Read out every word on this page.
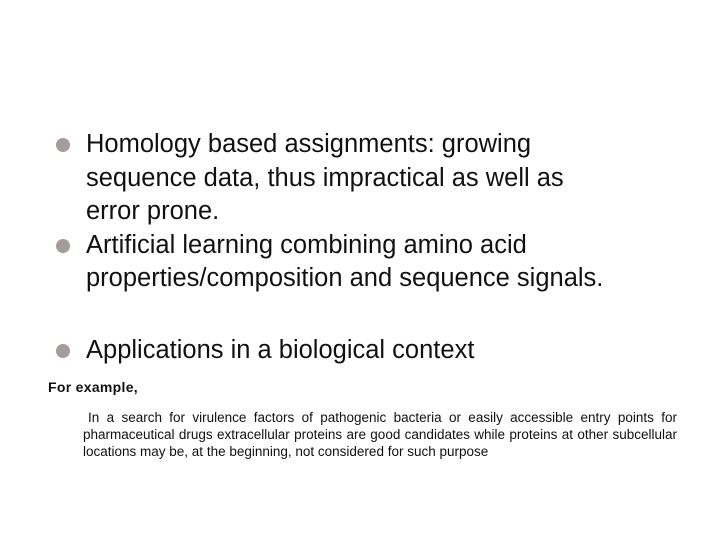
Homology based assignments: growing
sequence data, thus impractical as well as
error prone.
Artificial learning combining amino acid
properties/composition and sequence signals.
Applications in a biological context
For example,
In a search for virulence factors of pathogenic bacteria or easily accessible entry points for pharmaceutical drugs extracellular proteins are good candidates while proteins at other subcellular locations may be, at the beginning, not considered for such purpose
